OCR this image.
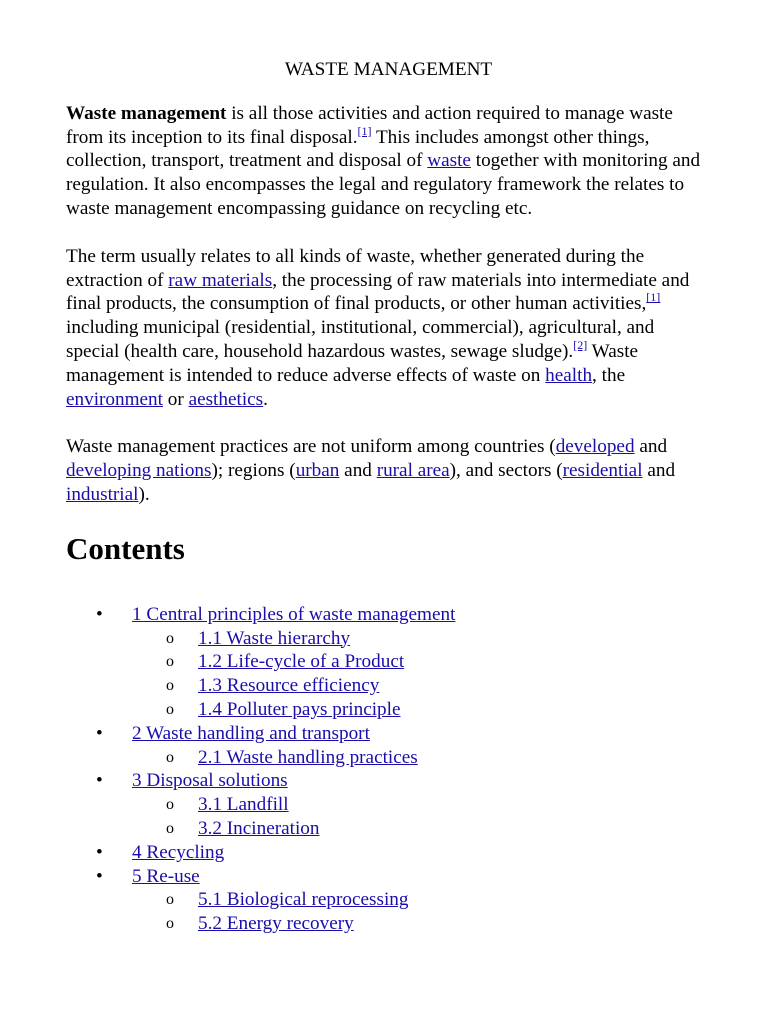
WASTE MANAGEMENT

Waste management is all those activities and action required to manage waste from its inception to its final disposal.[1] This includes amongst other things, collection, transport, treatment and disposal of waste together with monitoring and regulation. It also encompasses the legal and regulatory framework the relates to waste management encompassing guidance on recycling etc.

The term usually relates to all kinds of waste, whether generated during the extraction of raw materials, the processing of raw materials into intermediate and final products, the consumption of final products, or other human activities,[1] including municipal (residential, institutional, commercial), agricultural, and special (health care, household hazardous wastes, sewage sludge).[2] Waste management is intended to reduce adverse effects of waste on health, the environment or aesthetics.

Waste management practices are not uniform among countries (developed and developing nations); regions (urban and rural area), and sectors (residential and industrial).

Contents
• 1 Central principles of waste management
o 1.1 Waste hierarchy
o 1.2 Life-cycle of a Product
o 1.3 Resource efficiency
o 1.4 Polluter pays principle
• 2 Waste handling and transport
o 2.1 Waste handling practices
• 3 Disposal solutions
o 3.1 Landfill
o 3.2 Incineration
• 4 Recycling
• 5 Re-use
o 5.1 Biological reprocessing
o 5.2 Energy recovery
